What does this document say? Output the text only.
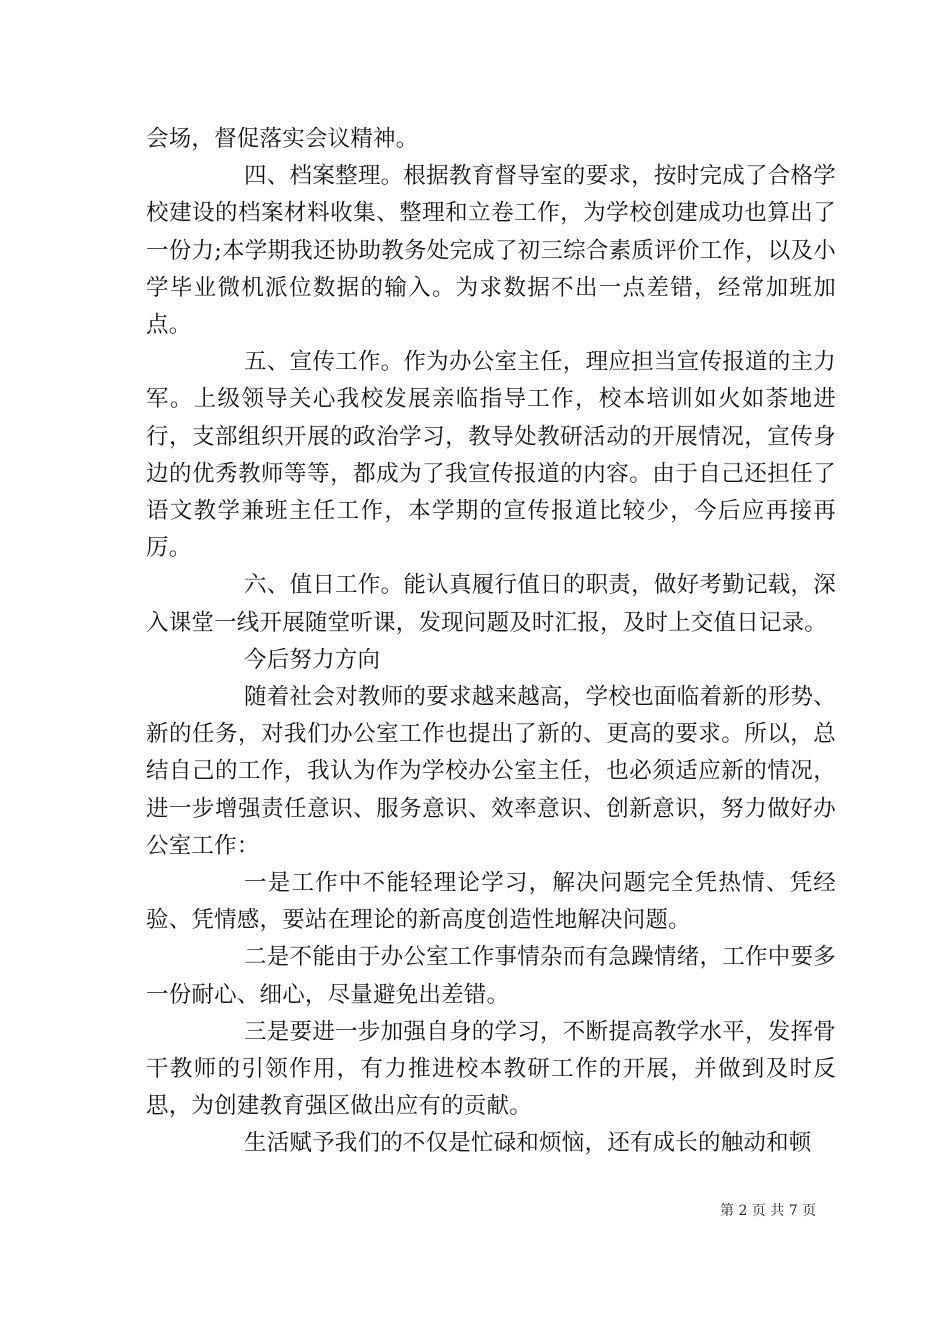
会场，督促落实会议精神。

四、档案整理。根据教育督导室的要求，按时完成了合格学校建设的档案材料收集、整理和立卷工作，为学校创建成功也算出了一份力;本学期我还协助教务处完成了初三综合素质评价工作，以及小学毕业微机派位数据的输入。为求数据不出一点差错，经常加班加点。

五、宣传工作。作为办公室主任，理应担当宣传报道的主力军。上级领导关心我校发展亲临指导工作，校本培训如火如荼地进行，支部组织开展的政治学习，教导处教研活动的开展情况，宣传身边的优秀教师等等，都成为了我宣传报道的内容。由于自己还担任了语文教学兼班主任工作，本学期的宣传报道比较少，今后应再接再厉。

六、值日工作。能认真履行值日的职责，做好考勤记载，深入课堂一线开展随堂听课，发现问题及时汇报，及时上交值日记录。

今后努力方向

随着社会对教师的要求越来越高，学校也面临着新的形势、新的任务，对我们办公室工作也提出了新的、更高的要求。所以，总结自己的工作，我认为作为学校办公室主任，也必须适应新的情况，进一步增强责任意识、服务意识、效率意识、创新意识，努力做好办公室工作：

一是工作中不能轻理论学习，解决问题完全凭热情、凭经验、凭情感，要站在理论的新高度创造性地解决问题。

二是不能由于办公室工作事情杂而有急躁情绪，工作中要多一份耐心、细心，尽量避免出差错。

三是要进一步加强自身的学习，不断提高教学水平，发挥骨干教师的引领作用，有力推进校本教研工作的开展，并做到及时反思，为创建教育强区做出应有的贡献。

生活赋予我们的不仅是忙碌和烦恼，还有成长的触动和顿

第 2 页 共 7 页
